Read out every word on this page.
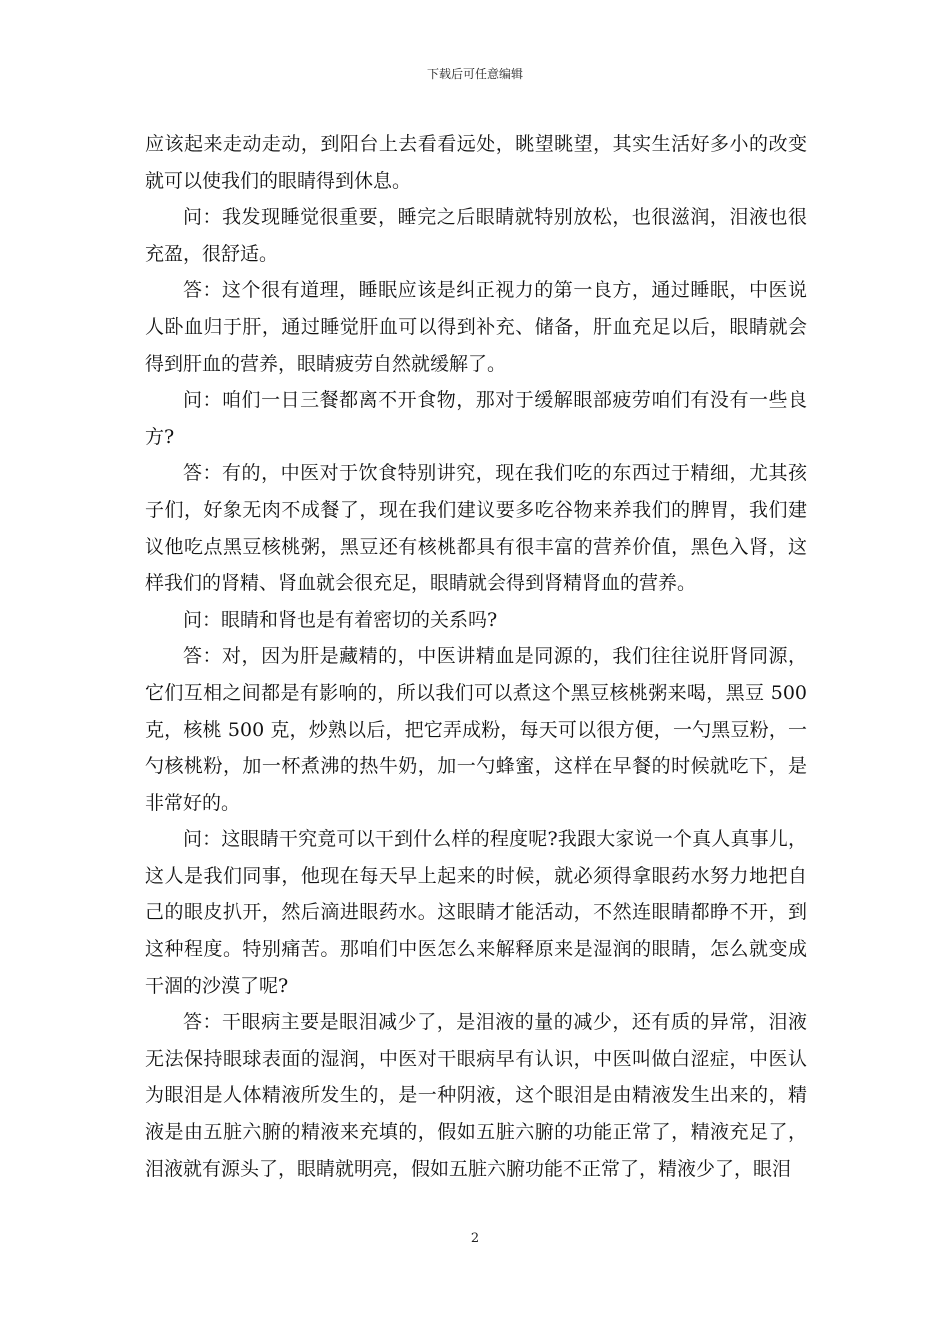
下载后可任意编辑

应该起来走动走动，到阳台上去看看远处，眺望眺望，其实生活好多小的改变就可以使我们的眼睛得到休息。

问：我发现睡觉很重要，睡完之后眼睛就特别放松，也很滋润，泪液也很充盈，很舒适。

答：这个很有道理，睡眠应该是纠正视力的第一良方，通过睡眠，中医说人卧血归于肝，通过睡觉肝血可以得到补充、储备，肝血充足以后，眼睛就会得到肝血的营养，眼睛疲劳自然就缓解了。

问：咱们一日三餐都离不开食物，那对于缓解眼部疲劳咱们有没有一些良方?

答：有的，中医对于饮食特别讲究，现在我们吃的东西过于精细，尤其孩子们，好象无肉不成餐了，现在我们建议要多吃谷物来养我们的脾胃，我们建议他吃点黑豆核桃粥，黑豆还有核桃都具有很丰富的营养价值，黑色入肾，这样我们的肾精、肾血就会很充足，眼睛就会得到肾精肾血的营养。

问：眼睛和肾也是有着密切的关系吗?

答：对，因为肝是藏精的，中医讲精血是同源的，我们往往说肝肾同源，它们互相之间都是有影响的，所以我们可以煮这个黑豆核桃粥来喝，黑豆 500 克，核桃 500 克，炒熟以后，把它弄成粉，每天可以很方便，一勺黑豆粉，一勺核桃粉，加一杯煮沸的热牛奶，加一勺蜂蜜，这样在早餐的时候就吃下，是非常好的。

问：这眼睛干究竟可以干到什么样的程度呢?我跟大家说一个真人真事儿，这人是我们同事，他现在每天早上起来的时候，就必须得拿眼药水努力地把自己的眼皮扒开，然后滴进眼药水。这眼睛才能活动，不然连眼睛都睁不开，到这种程度。特别痛苦。那咱们中医怎么来解释原来是湿润的眼睛，怎么就变成干涸的沙漠了呢?

答：干眼病主要是眼泪减少了，是泪液的量的减少，还有质的异常，泪液无法保持眼球表面的湿润，中医对干眼病早有认识，中医叫做白涩症，中医认为眼泪是人体精液所发生的，是一种阴液，这个眼泪是由精液发生出来的，精液是由五脏六腑的精液来充填的，假如五脏六腑的功能正常了，精液充足了，泪液就有源头了，眼睛就明亮，假如五脏六腑功能不正常了，精液少了，眼泪

2
